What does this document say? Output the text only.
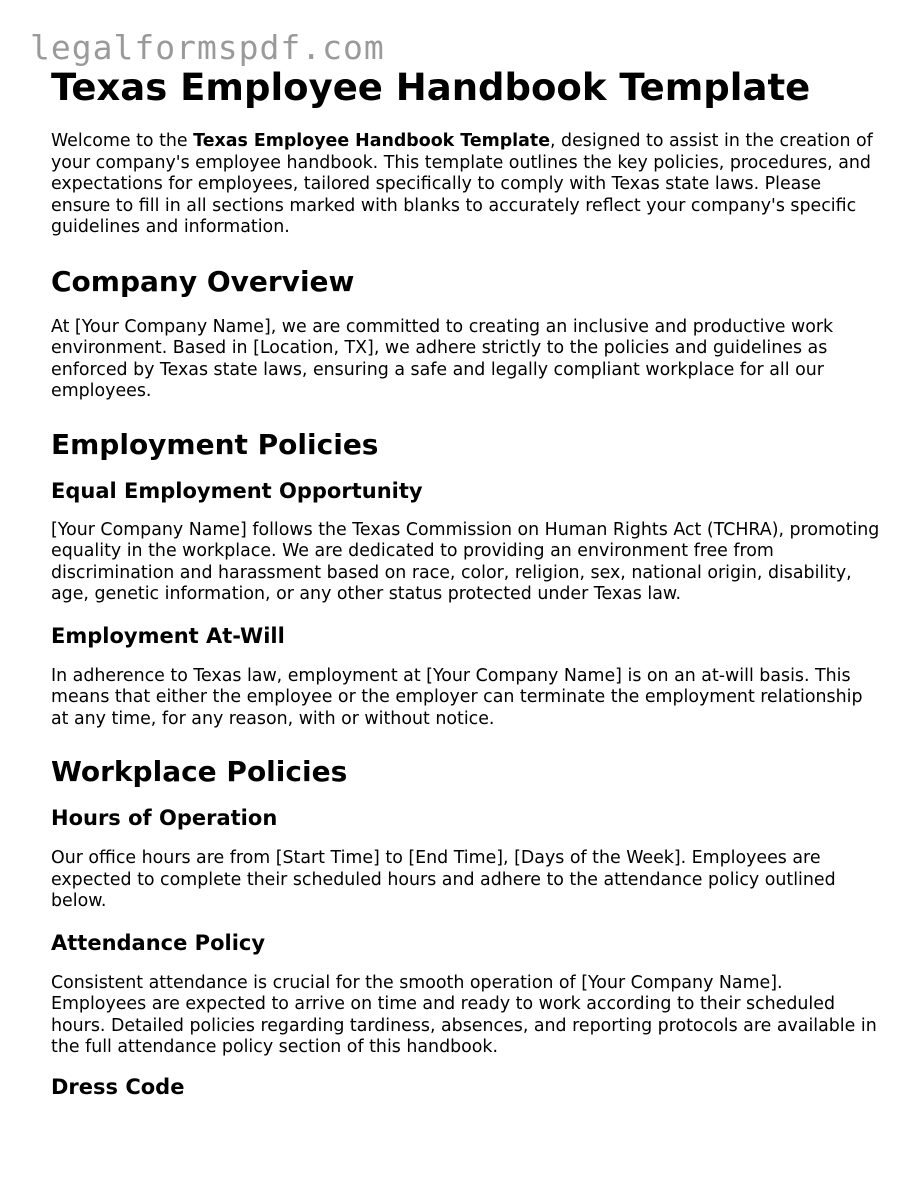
legalformspdf.com
Texas Employee Handbook Template

Welcome to the Texas Employee Handbook Template, designed to assist in the creation of your company's employee handbook. This template outlines the key policies, procedures, and expectations for employees, tailored specifically to comply with Texas state laws. Please ensure to fill in all sections marked with blanks to accurately reflect your company's specific guidelines and information.

Company Overview

At [Your Company Name], we are committed to creating an inclusive and productive work environment. Based in [Location, TX], we adhere strictly to the policies and guidelines as enforced by Texas state laws, ensuring a safe and legally compliant workplace for all our employees.

Employment Policies
Equal Employment Opportunity

[Your Company Name] follows the Texas Commission on Human Rights Act (TCHRA), promoting equality in the workplace. We are dedicated to providing an environment free from discrimination and harassment based on race, color, religion, sex, national origin, disability, age, genetic information, or any other status protected under Texas law.

Employment At-Will

In adherence to Texas law, employment at [Your Company Name] is on an at-will basis. This means that either the employee or the employer can terminate the employment relationship at any time, for any reason, with or without notice.

Workplace Policies
Hours of Operation

Our office hours are from [Start Time] to [End Time], [Days of the Week]. Employees are expected to complete their scheduled hours and adhere to the attendance policy outlined below.

Attendance Policy

Consistent attendance is crucial for the smooth operation of [Your Company Name]. Employees are expected to arrive on time and ready to work according to their scheduled hours. Detailed policies regarding tardiness, absences, and reporting protocols are available in the full attendance policy section of this handbook.

Dress Code
